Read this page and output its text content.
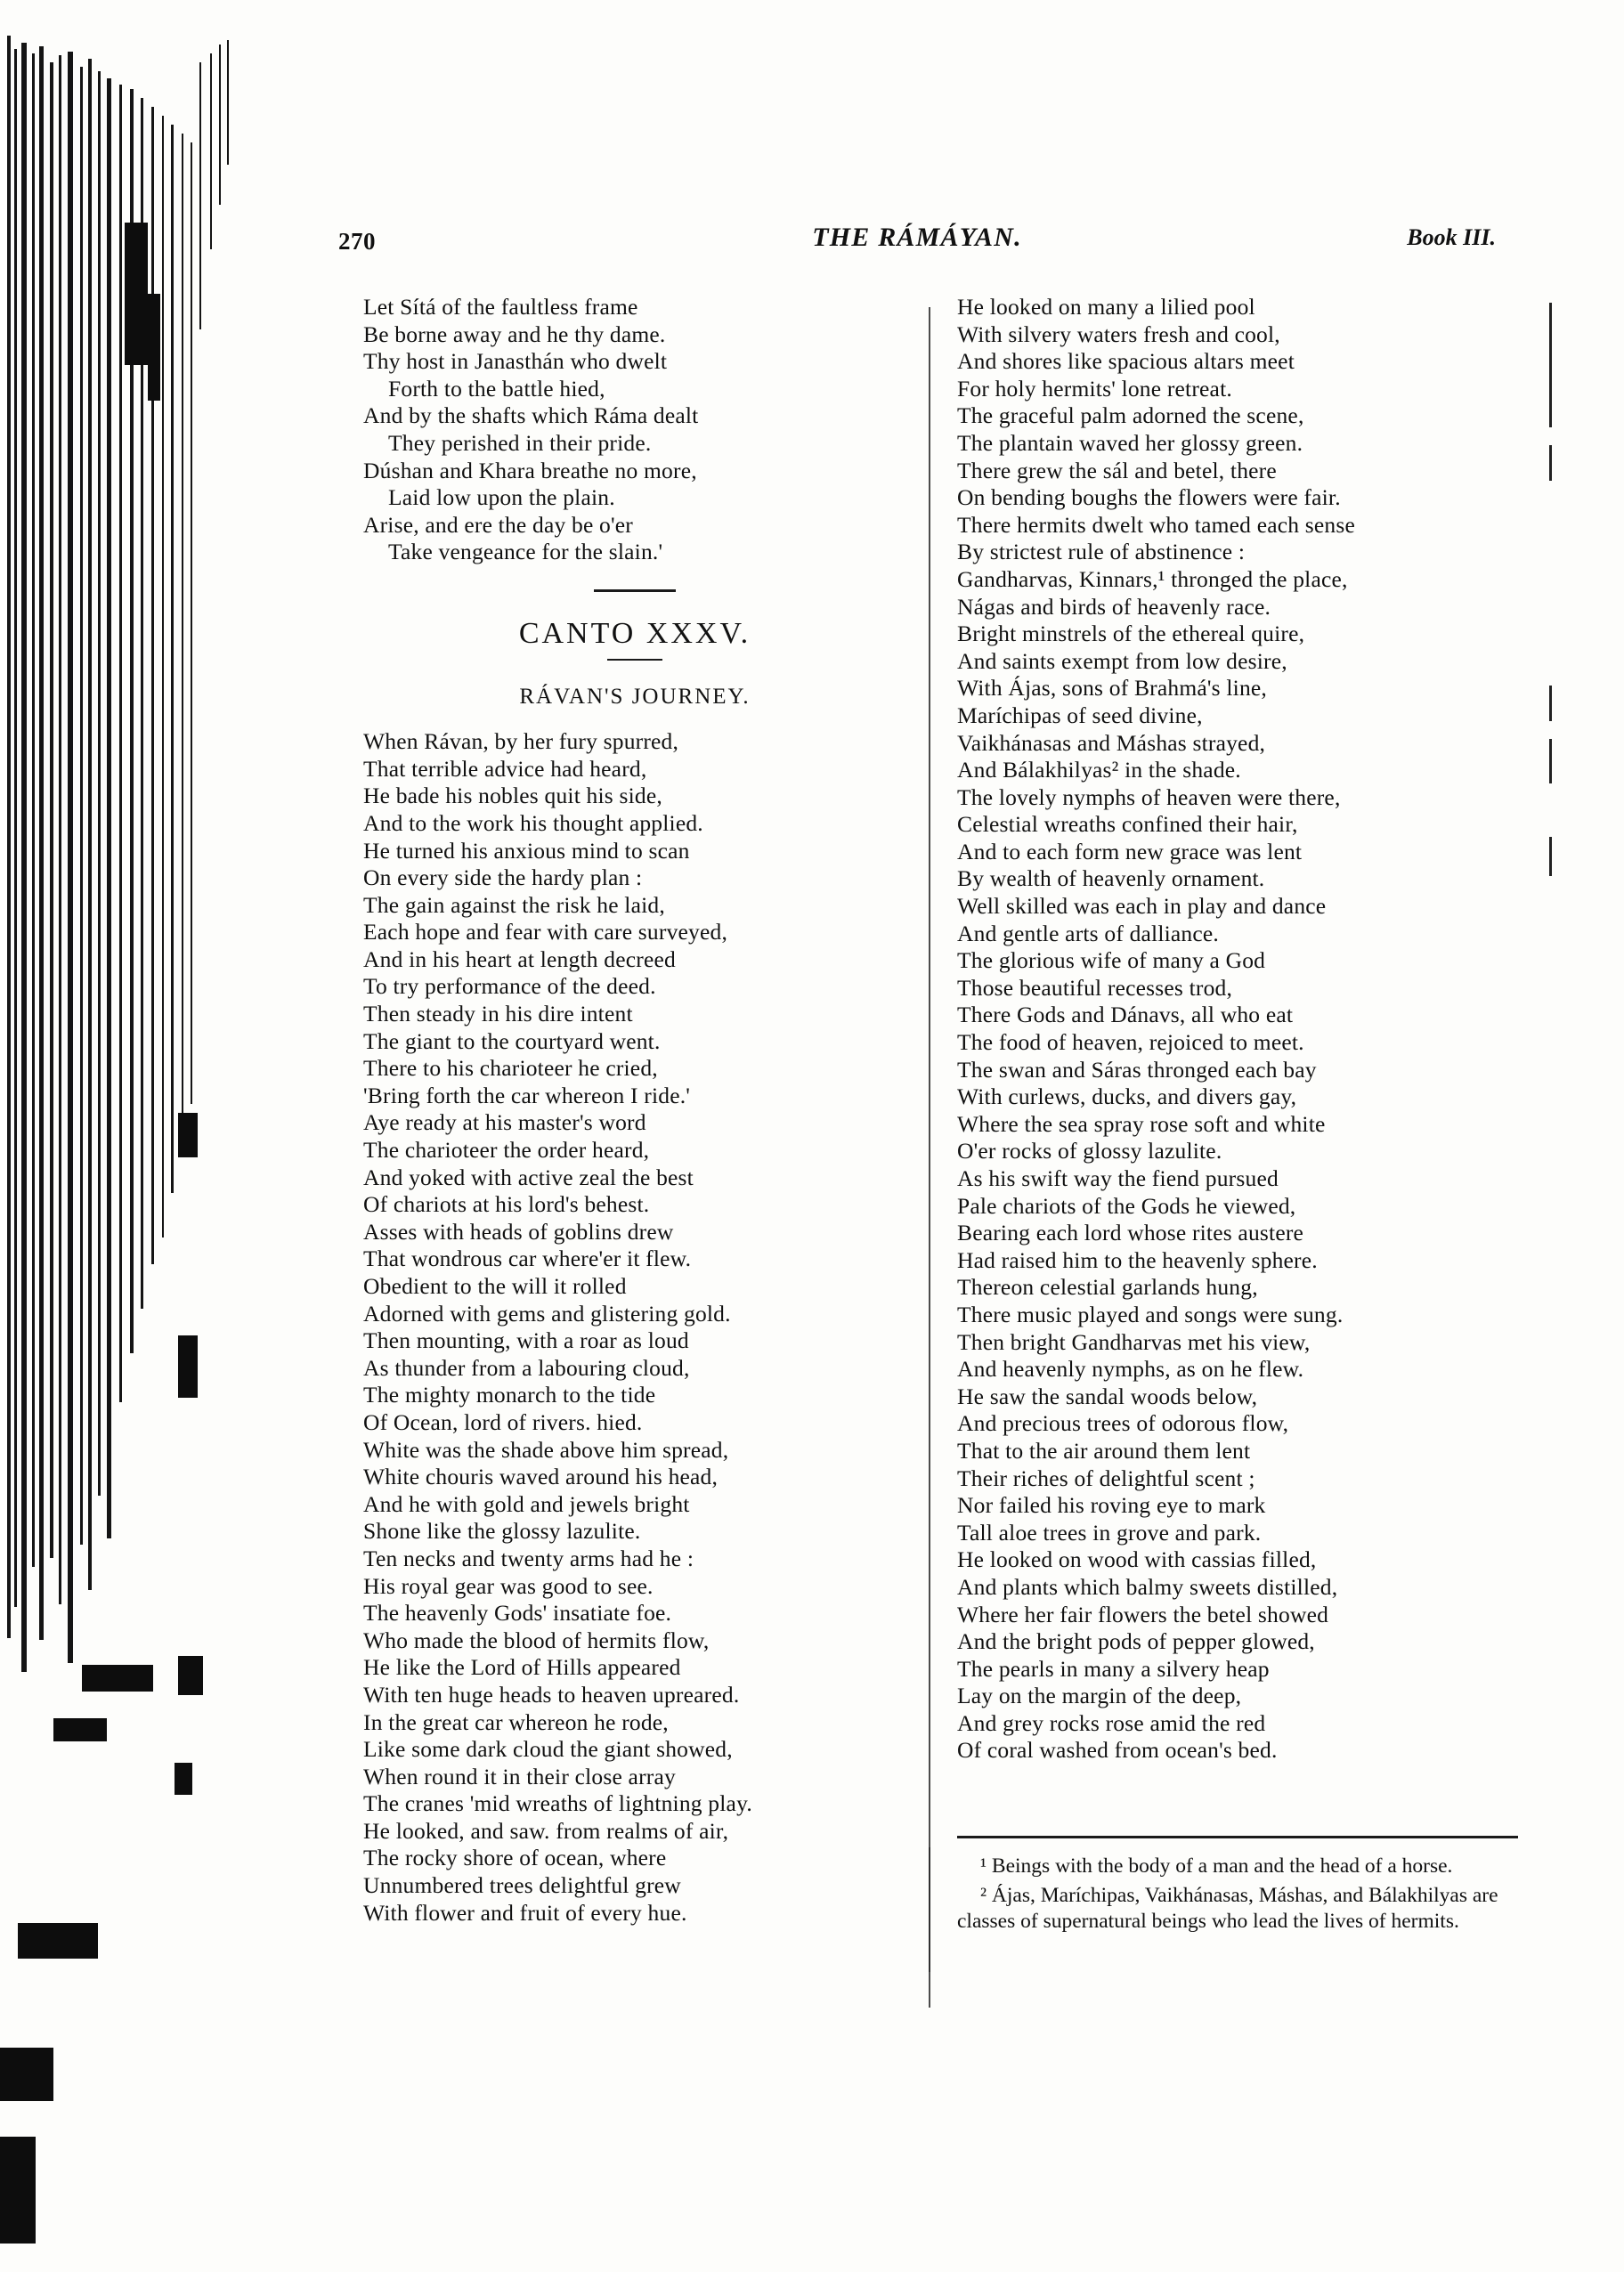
270	THE RÁMÁYAN.	Book III.
Let Sítá of the faultless frame
Be borne away and he thy dame.
Thy host in Janasthán who dwelt
Forth to the battle hied,
And by the shafts which Ráma dealt
They perished in their pride.
Dúshan and Khara breathe no more,
Laid low upon the plain.
Arise, and ere the day be o'er
Take vengeance for the slain.'
CANTO XXXV.
RÁVAN'S JOURNEY.
When Rávan, by her fury spurred,
That terrible advice had heard,
He bade his nobles quit his side,
And to the work his thought applied.
He turned his anxious mind to scan
On every side the hardy plan :
The gain against the risk he laid,
Each hope and fear with care surveyed,
And in his heart at length decreed
To try performance of the deed.
Then steady in his dire intent
The giant to the courtyard went.
There to his charioteer he cried,
'Bring forth the car whereon I ride.'
Aye ready at his master's word
The charioteer the order heard,
And yoked with active zeal the best
Of chariots at his lord's behest.
Asses with heads of goblins drew
That wondrous car where'er it flew.
Obedient to the will it rolled
Adorned with gems and glistering gold.
Then mounting, with a roar as loud
As thunder from a labouring cloud,
The mighty monarch to the tide
Of Ocean, lord of rivers. hied.
White was the shade above him spread,
White chouris waved around his head,
And he with gold and jewels bright
Shone like the glossy lazulite.
Ten necks and twenty arms had he :
His royal gear was good to see.
The heavenly Gods' insatiate foe.
Who made the blood of hermits flow,
He like the Lord of Hills appeared
With ten huge heads to heaven upreared.
In the great car whereon he rode,
Like some dark cloud the giant showed,
When round it in their close array
The cranes 'mid wreaths of lightning play.
He looked, and saw. from realms of air,
The rocky shore of ocean, where
Unnumbered trees delightful grew
With flower and fruit of every hue.
He looked on many a lilied pool
With silvery waters fresh and cool,
And shores like spacious altars meet
For holy hermits' lone retreat.
The graceful palm adorned the scene,
The plantain waved her glossy green.
There grew the sál and betel, there
On bending boughs the flowers were fair.
There hermits dwelt who tamed each sense
By strictest rule of abstinence :
Gandharvas, Kinnars,¹ thronged the place,
Nágas and birds of heavenly race.
Bright minstrels of the ethereal quire,
And saints exempt from low desire,
With Ájas, sons of Brahmá's line,
Maríchipas of seed divine,
Vaikhánasas and Máshas strayed,
And Bálakhilyas² in the shade.
The lovely nymphs of heaven were there,
Celestial wreaths confined their hair,
And to each form new grace was lent
By wealth of heavenly ornament.
Well skilled was each in play and dance
And gentle arts of dalliance.
The glorious wife of many a God
Those beautiful recesses trod,
There Gods and Dánavs, all who eat
The food of heaven, rejoiced to meet.
The swan and Sáras thronged each bay
With curlews, ducks, and divers gay,
Where the sea spray rose soft and white
O'er rocks of glossy lazulite.
As his swift way the fiend pursued
Pale chariots of the Gods he viewed,
Bearing each lord whose rites austere
Had raised him to the heavenly sphere.
Thereon celestial garlands hung,
There music played and songs were sung.
Then bright Gandharvas met his view,
And heavenly nymphs, as on he flew.
He saw the sandal woods below,
And precious trees of odorous flow,
That to the air around them lent
Their riches of delightful scent ;
Nor failed his roving eye to mark
Tall aloe trees in grove and park.
He looked on wood with cassias filled,
And plants which balmy sweets distilled,
Where her fair flowers the betel showed
And the bright pods of pepper glowed,
The pearls in many a silvery heap
Lay on the margin of the deep,
And grey rocks rose amid the red
Of coral washed from ocean's bed.

¹ Beings with the body of a man and the head of a horse.

² Ájas, Maríchipas, Vaikhánasas, Máshas, and Bálakhilyas are classes of supernatural beings who lead the lives of hermits.
